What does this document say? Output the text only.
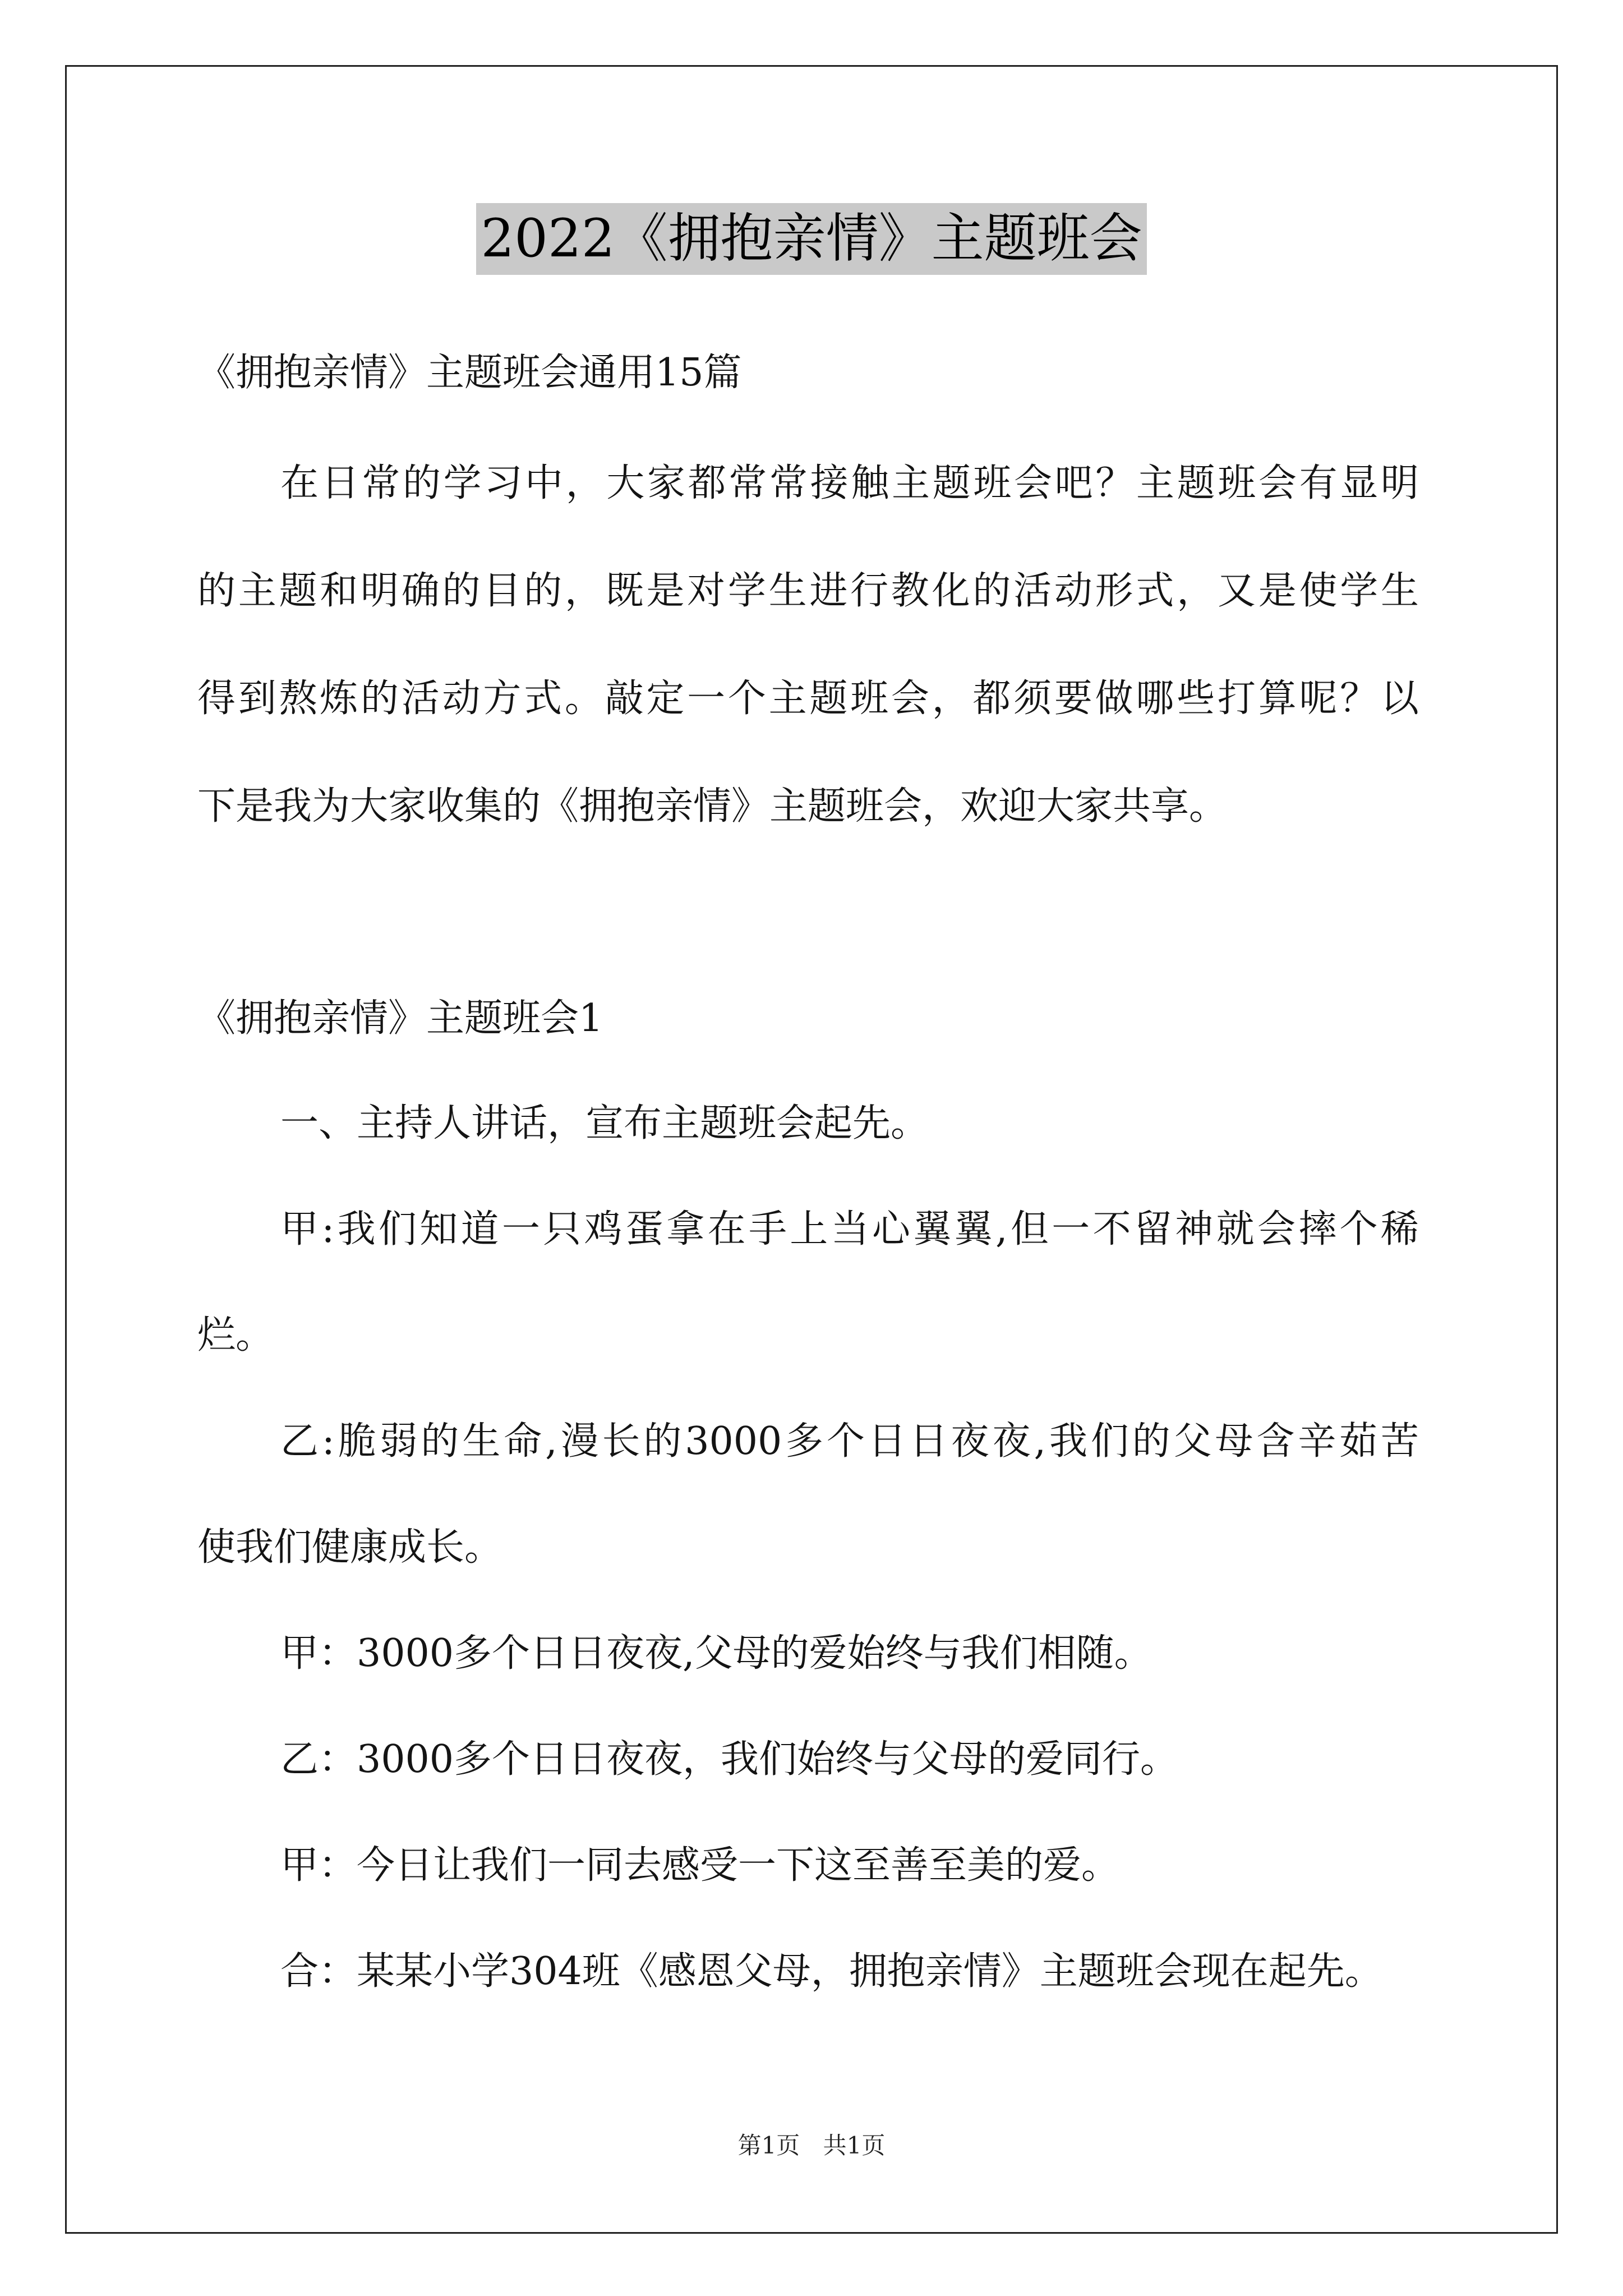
2022《拥抱亲情》主题班会
《拥抱亲情》主题班会通用15篇
在日常的学习中，大家都常常接触主题班会吧？主题班会有显明
的主题和明确的目的，既是对学生进行教化的活动形式，又是使学生
得到熬炼的活动方式。敲定一个主题班会，都须要做哪些打算呢？以
下是我为大家收集的《拥抱亲情》主题班会，欢迎大家共享。
《拥抱亲情》主题班会1
一、主持人讲话，宣布主题班会起先。
甲:我们知道一只鸡蛋拿在手上当心翼翼,但一不留神就会摔个稀
烂。
乙:脆弱的生命,漫长的3000多个日日夜夜,我们的父母含辛茹苦
使我们健康成长。
甲：3000多个日日夜夜,父母的爱始终与我们相随。
乙：3000多个日日夜夜，我们始终与父母的爱同行。
甲：今日让我们一同去感受一下这至善至美的爱。
合：某某小学304班《感恩父母，拥抱亲情》主题班会现在起先。
第1页 共1页
